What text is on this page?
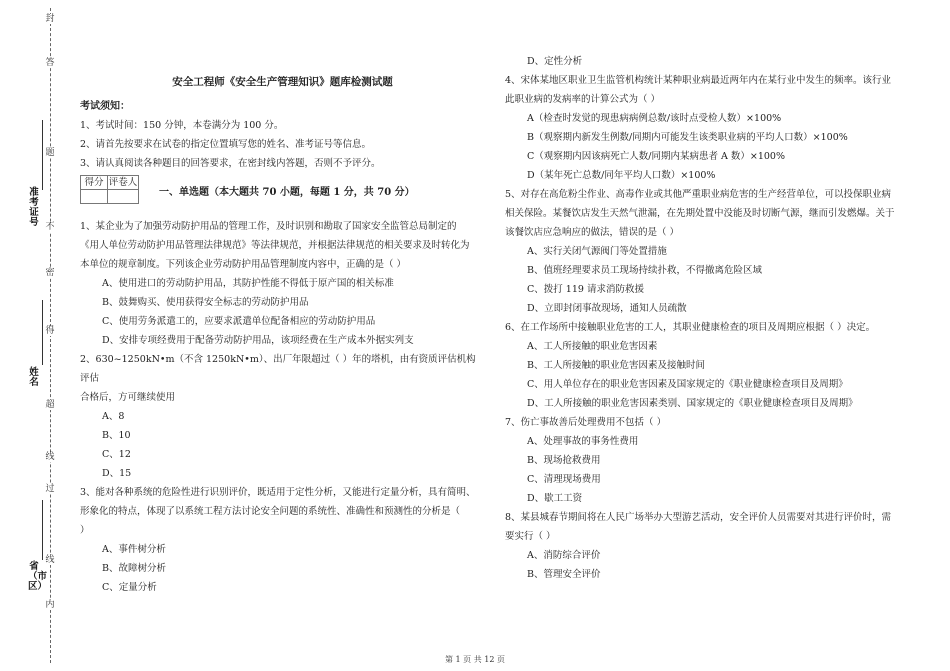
答
题
不
得
超
过
线
内
封
密
线
准考证号
姓名
省（市区）
安全工程师《安全生产管理知识》题库检测试题
考试须知：
1、考试时间：150 分钟，本卷满分为 100 分。
2、请首先按要求在试卷的指定位置填写您的姓名、准考证号等信息。
3、请认真阅读各种题目的回答要求，在密封线内答题，否则不予评分。
得分 评卷人
一、单选题（本大题共 70 小题，每题 1 分，共 70 分）
1、某企业为了加强劳动防护用品的管理工作，及时识别和勘取了国家安全监管总局制定的
《用人单位劳动防护用品管理法律规范》等法律规范，并根据法律规范的相关要求及时转化为
本单位的规章制度。下列该企业劳动防护用品管理制度内容中，正确的是（ ）
A、使用进口的劳动防护用品，其防护性能不得低于原产国的相关标准
B、鼓舞购买、使用获得安全标志的劳动防护用品
C、使用劳务派遣工的，应要求派遣单位配备相应的劳动防护用品
D、安排专项经费用于配备劳动防护用品，该项经费在生产成本外据实列支
2、630~1250kN•m（不含 1250kN•m）、出厂年限超过（ ）年的塔机，由有资质评估机构评估
合格后，方可继续使用
A、8
B、10
C、12
D、15
3、能对各种系统的危险性进行识别评价，既适用于定性分析，又能进行定量分析，具有简明、
形象化的特点，体现了以系统工程方法讨论安全问题的系统性、准确性和预测性的分析是（
）
A、事件树分析
B、故障树分析
C、定量分析
D、定性分析
4、宋体某地区职业卫生监管机构统计某种职业病最近两年内在某行业中发生的频率。该行业
此职业病的发病率的计算公式为（ ）
A（检查时发觉的现患病病例总数/该时点受检人数）×100%
B（观察期内新发生例数/同期内可能发生该类职业病的平均人口数）×100%
C（观察期内因该病死亡人数/同期内某病患者 A 数）×100%
D（某年死亡总数/同年平均人口数）×100%
5、对存在高危粉尘作业、高毒作业或其他严重职业病危害的生产经营单位，可以投保职业病
相关保险。某餐饮店发生天然气泄漏，在先期处置中没能及时切断气源，继而引发燃爆。关于
该餐饮店应急响应的做法，错误的是（ ）
A、实行关闭气源阀门等处置措施
B、值班经理要求员工现场持续扑救，不得撤离危险区域
C、拨打 119 请求消防救援
D、立即封闭事故现场，通知人员疏散
6、在工作场所中接触职业危害的工人，其职业健康检查的项目及周期应根据（ ）决定。
A、工人所接触的职业危害因素
B、工人所接触的职业危害因素及接触时间
C、用人单位存在的职业危害因素及国家规定的《职业健康检查项目及周期》
D、工人所接触的职业危害因素类别、国家规定的《职业健康检查项目及周期》
7、伤亡事故善后处理费用不包括（ ）
A、处理事故的事务性费用
B、现场抢救费用
C、清理现场费用
D、歇工工资
8、某县城春节期间将在人民广场举办大型游艺活动，安全评价人员需要对其进行评价时，需
要实行（ ）
A、消防综合评价
B、管理安全评价
第 1 页 共 12 页
